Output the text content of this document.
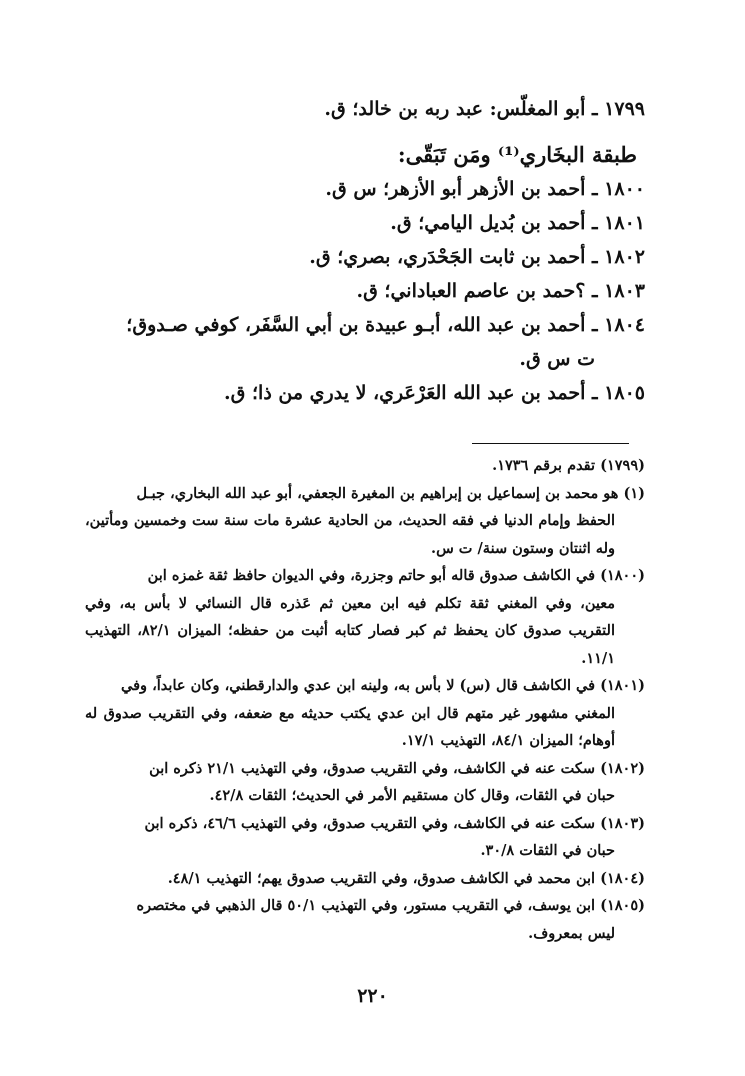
١٧٩٩ ـ أبو المغلّس: عبد ربه بن خالد؛ ق.

طبقة البخَاري⁽¹⁾ ومَن تَبَقّى:

١٨٠٠ ـ أحمد بن الأزهر أبو الأزهر؛ س ق.

١٨٠١ ـ أحمد بن بُديل اليامي؛ ق.

١٨٠٢ ـ أحمد بن ثابت الجَحْدَري، بصري؛ ق.

١٨٠٣ ـ ؟حمد بن عاصم العباداني؛ ق.

١٨٠٤ ـ أحمد بن عبد الله، أبـو عبيدة بن أبي السَّفَر، كوفي صـدوق؛

ت س ق.

١٨٠٥ ـ أحمد بن عبد الله العَرْعَري، لا يدري من ذا؛ ق.

(١٧٩٩) تقدم برقم ١٧٣٦.

(١) هو محمد بن إسماعيل بن إبراهيم بن المغيرة الجعفي، أبو عبد الله البخاري، جبـل
الحفظ وإمام الدنيا في فقه الحديث، من الحادية عشرة مات سنة ست وخمسين ومأتين، وله اثنتان وستون سنة/ ت س.

(١٨٠٠) في الكاشف صدوق قاله أبو حاتم وجزرة، وفي الديوان حافظ ثقة غمزه ابن
معين، وفي المغني ثقة تكلم فيه ابن معين ثم عَذره قال النسائي لا بأس به، وفي التقريب صدوق كان يحفظ ثم كبر فصار كتابه أثبت من حفظه؛ الميزان ٨٢/١، التهذيب ١١/١.

(١٨٠١) في الكاشف قال (س) لا بأس به، ولينه ابن عدي والدارقطني، وكان عابداً، وفي
المغني مشهور غير متهم قال ابن عدي يكتب حديثه مع ضعفه، وفي التقريب صدوق له أوهام؛ الميزان ٨٤/١، التهذيب ١٧/١.

(١٨٠٢) سكت عنه في الكاشف، وفي التقريب صدوق، وفي التهذيب ٢١/١ ذكره ابن
حبان في الثقات، وقال كان مستقيم الأمر في الحديث؛ الثقات ٤٢/٨.

(١٨٠٣) سكت عنه في الكاشف، وفي التقريب صدوق، وفي التهذيب ٤٦/٦، ذكره ابن
حبان في الثقات ٣٠/٨.

(١٨٠٤) ابن محمد في الكاشف صدوق، وفي التقريب صدوق يهم؛ التهذيب ٤٨/١.

(١٨٠٥) ابن يوسف، في التقريب مستور، وفي التهذيب ٥٠/١ قال الذهبي في مختصره
ليس بمعروف.

٢٢٠
